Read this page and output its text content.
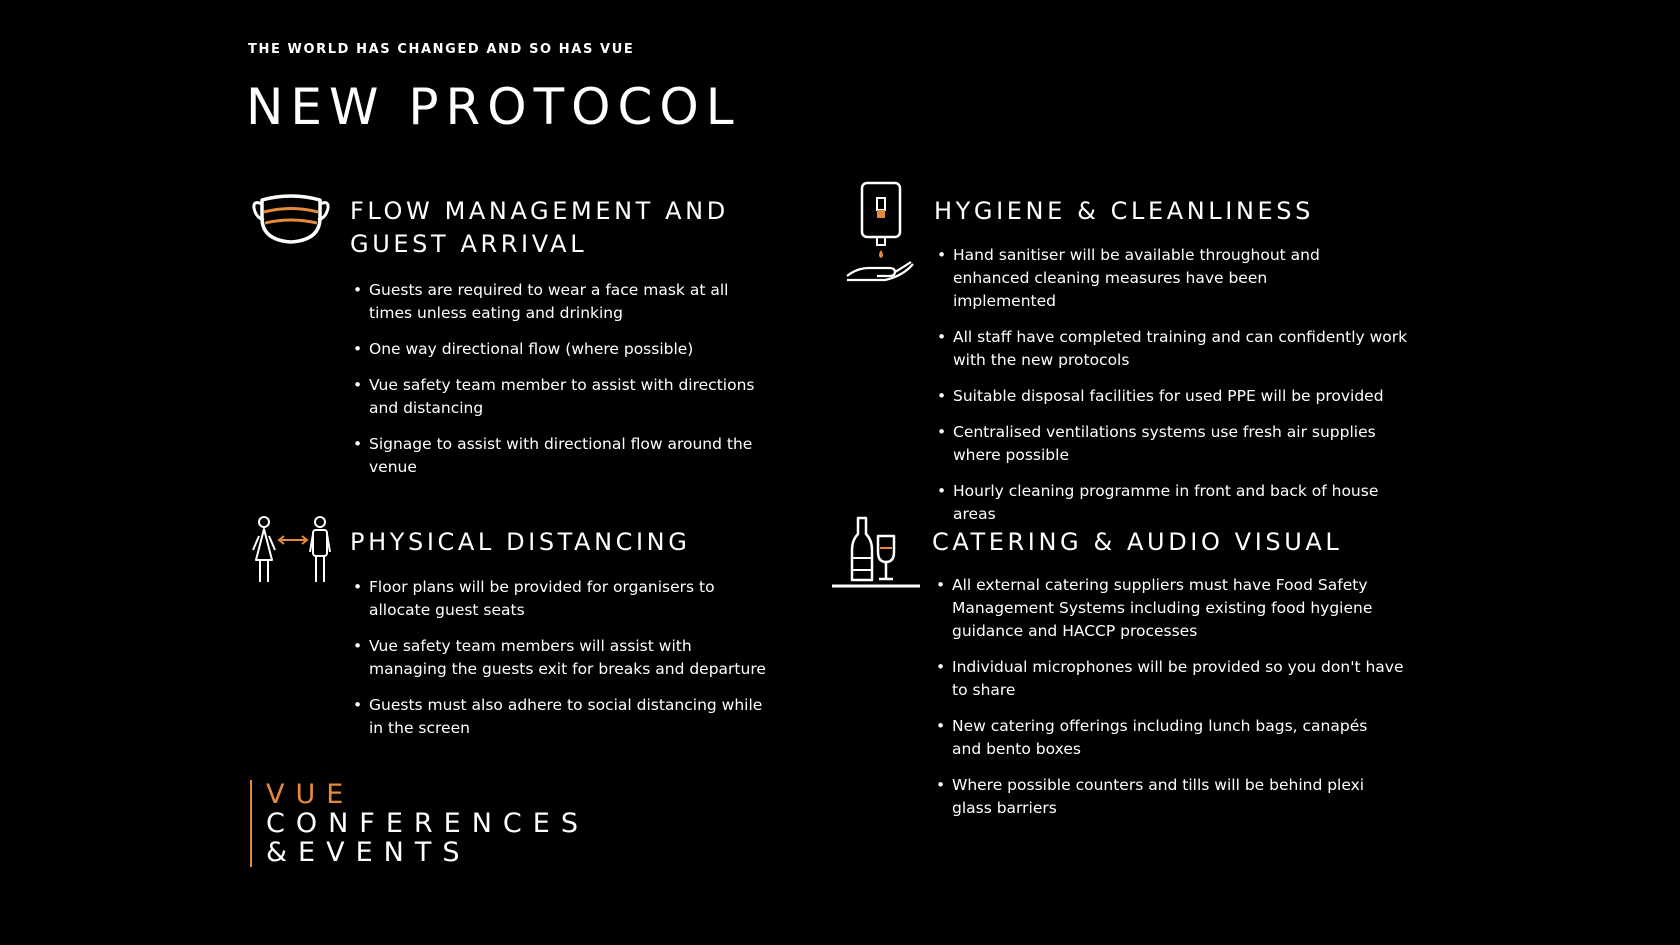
THE WORLD HAS CHANGED AND SO HAS VUE
NEW PROTOCOL
FLOW MANAGEMENT AND
GUEST ARRIVAL
• Guests are required to wear a face mask at all times unless eating and drinking
• One way directional flow (where possible)
• Vue safety team member to assist with directions and distancing
• Signage to assist with directional flow around the venue
HYGIENE & CLEANLINESS
• Hand sanitiser will be available throughout and enhanced cleaning measures have been implemented
• All staff have completed training and can confidently work with the new protocols
• Suitable disposal facilities for used PPE will be provided
• Centralised ventilations systems use fresh air supplies where possible
• Hourly cleaning programme in front and back of house areas
PHYSICAL DISTANCING
• Floor plans will be provided for organisers to allocate guest seats
• Vue safety team members will assist with managing the guests exit for breaks and departure
• Guests must also adhere to social distancing while in the screen
CATERING & AUDIO VISUAL
• All external catering suppliers must have Food Safety Management Systems including existing food hygiene guidance and HACCP processes
• Individual microphones will be provided so you don't have to share
• New catering offerings including lunch bags, canapés and bento boxes
• Where possible counters and tills will be behind plexi glass barriers
VUE
CONFERENCES
&EVENTS
